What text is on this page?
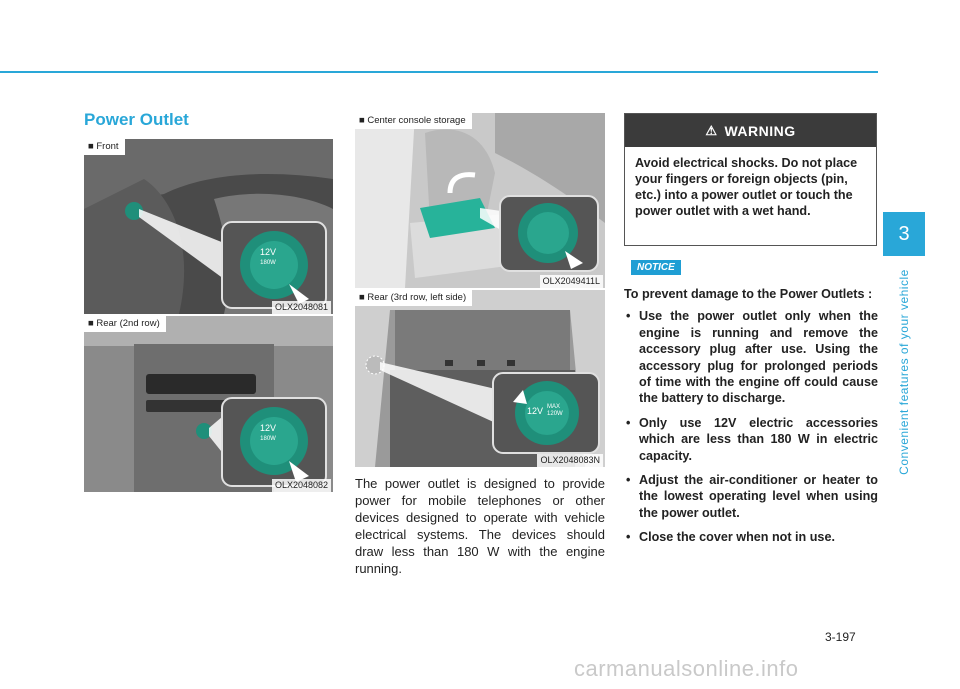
Power Outlet
■ Front
OLX2048081
12V
180W
■ Rear (2nd row)
OLX2048082
12V
180W
■ Center console storage
OLX2049411L
■ Rear (3rd row, left side)
OLX2048083N
12V MAX
120W
The power outlet is designed to provide power for mobile telephones or other devices designed to operate with vehicle electrical systems. The devices should draw less than 180 W with the engine running.
⚠ WARNING
Avoid electrical shocks. Do not place your fingers or foreign objects (pin, etc.) into a power outlet or touch the power outlet with a wet hand.
NOTICE
To prevent damage to the Power Outlets :
• Use the power outlet only when the engine is running and remove the accessory plug after use. Using the accessory plug for prolonged periods of time with the engine off could cause the battery to discharge.
• Only use 12V electric accessories which are less than 180 W in electric capacity.
• Adjust the air-conditioner or heater to the lowest operating level when using the power outlet.
• Close the cover when not in use.
3
Convenient features of your vehicle
3-197
carmanualsonline.info
